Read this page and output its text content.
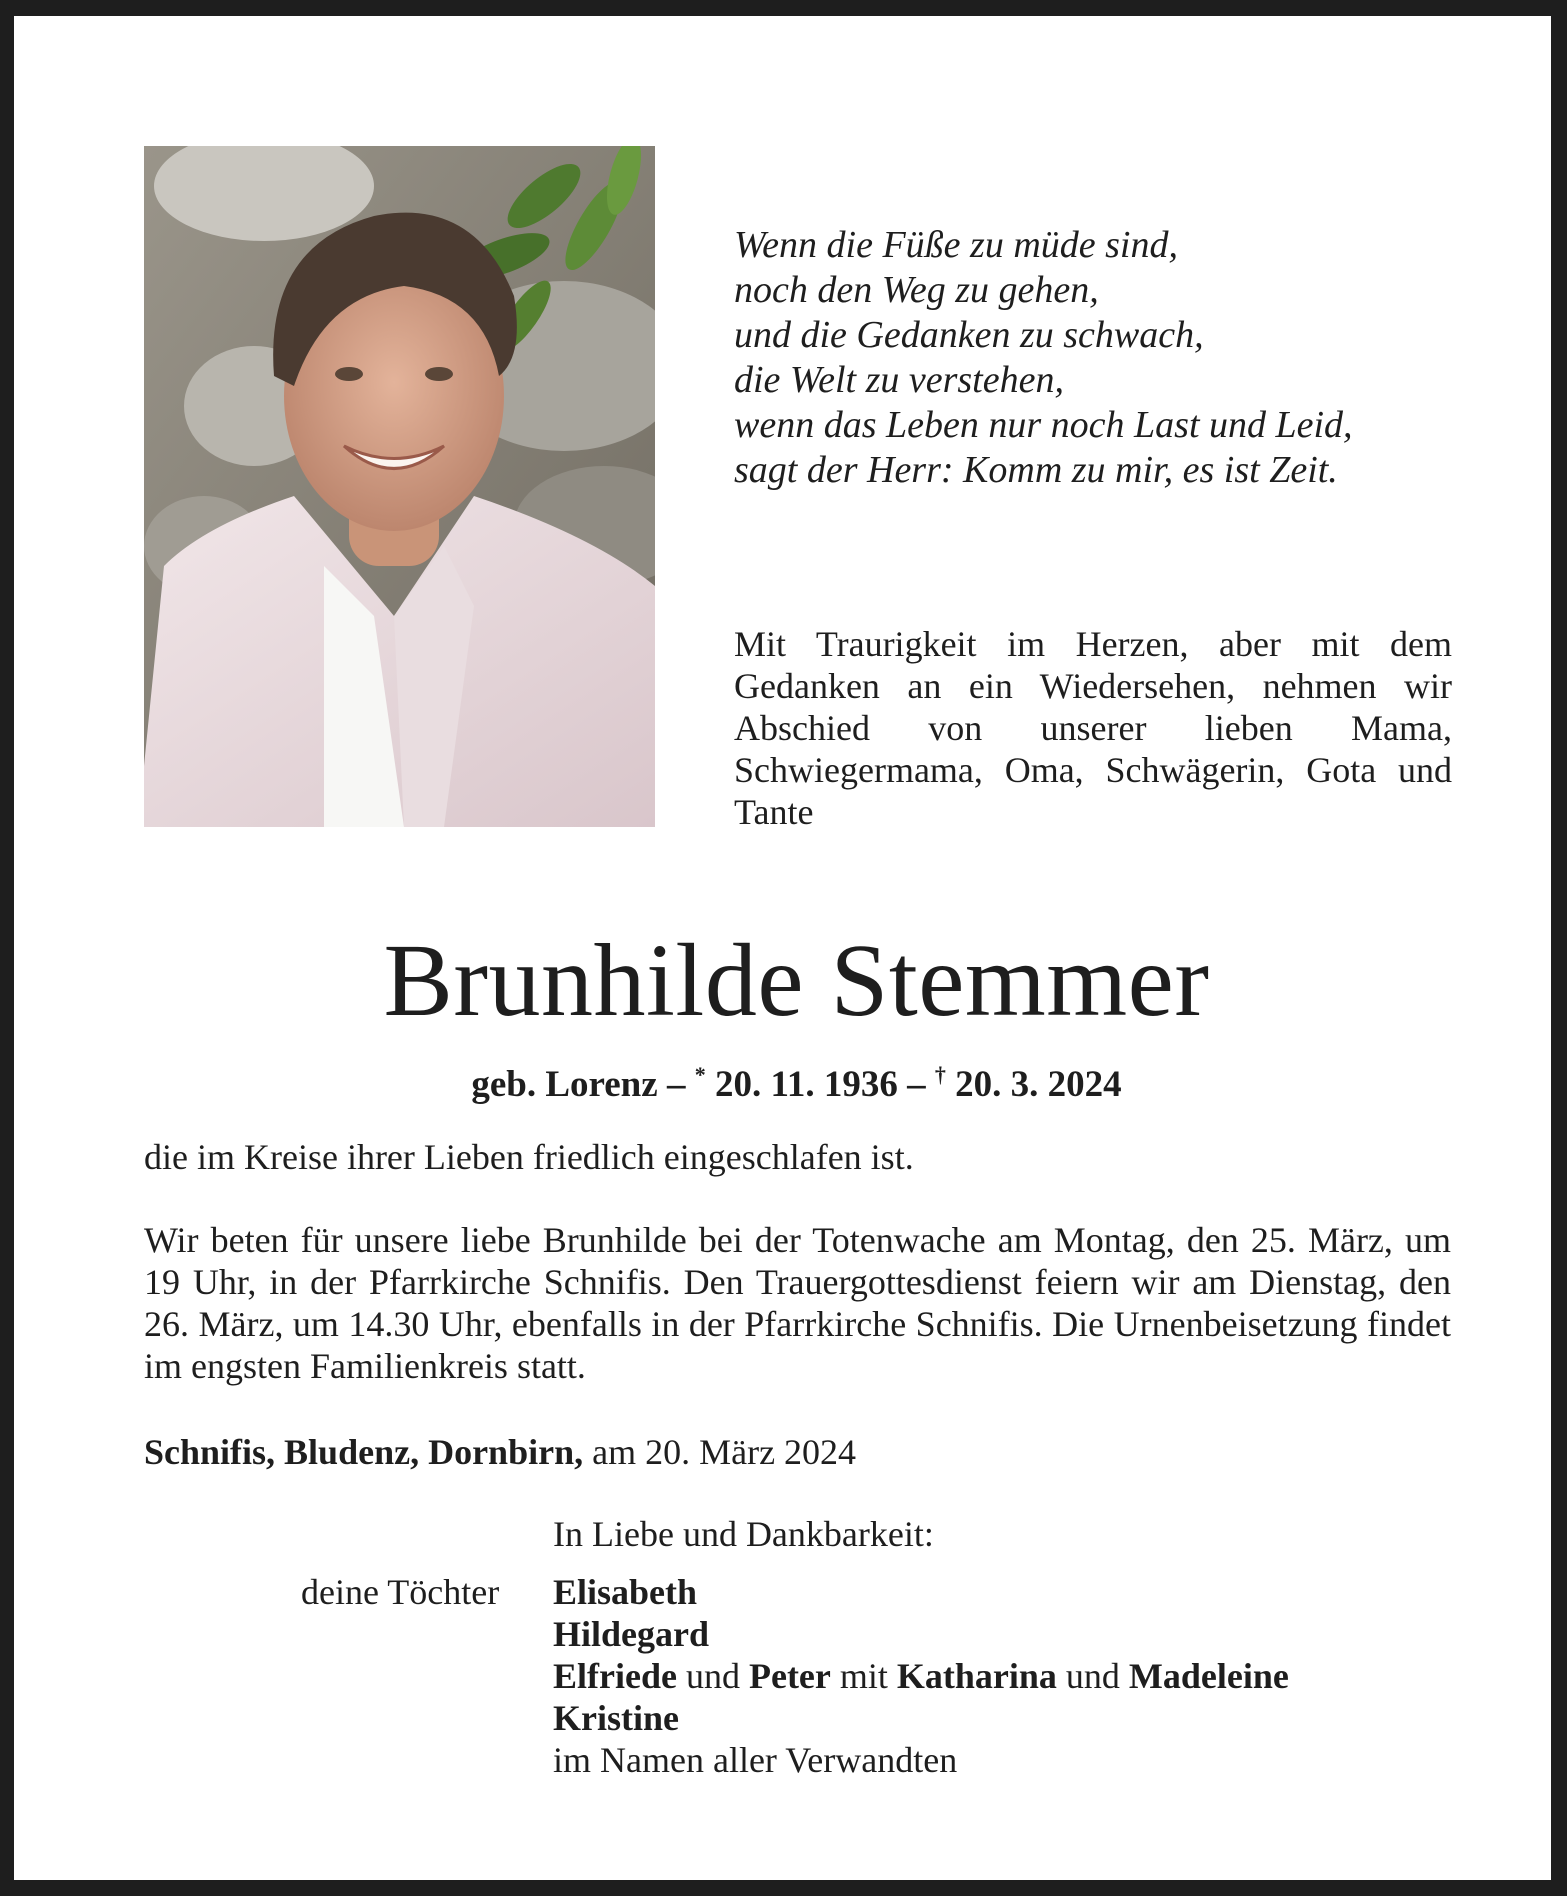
Wenn die Füße zu müde sind,
noch den Weg zu gehen,
und die Gedanken zu schwach,
die Welt zu verstehen,
wenn das Leben nur noch Last und Leid,
sagt der Herr: Komm zu mir, es ist Zeit.
Mit Traurigkeit im Herzen, aber mit dem Gedanken an ein Wiedersehen, nehmen wir Abschied von unserer lieben Mama, Schwiegermama, Oma, Schwägerin, Gota und Tante
Brunhilde Stemmer
geb. Lorenz – * 20. 11. 1936 – † 20. 3. 2024
die im Kreise ihrer Lieben friedlich eingeschlafen ist.
Wir beten für unsere liebe Brunhilde bei der Totenwache am Montag, den 25. März, um 19 Uhr, in der Pfarrkirche Schnifis. Den Trauergottesdienst feiern wir am Dienstag, den 26. März, um 14.30 Uhr, ebenfalls in der Pfarrkirche Schnifis. Die Urnenbeisetzung findet im engsten Familienkreis statt.
Schnifis, Bludenz, Dornbirn, am 20. März 2024
In Liebe und Dankbarkeit:
deine Töchter Elisabeth
Hildegard
Elfriede und Peter mit Katharina und Madeleine
Kristine
im Namen aller Verwandten
